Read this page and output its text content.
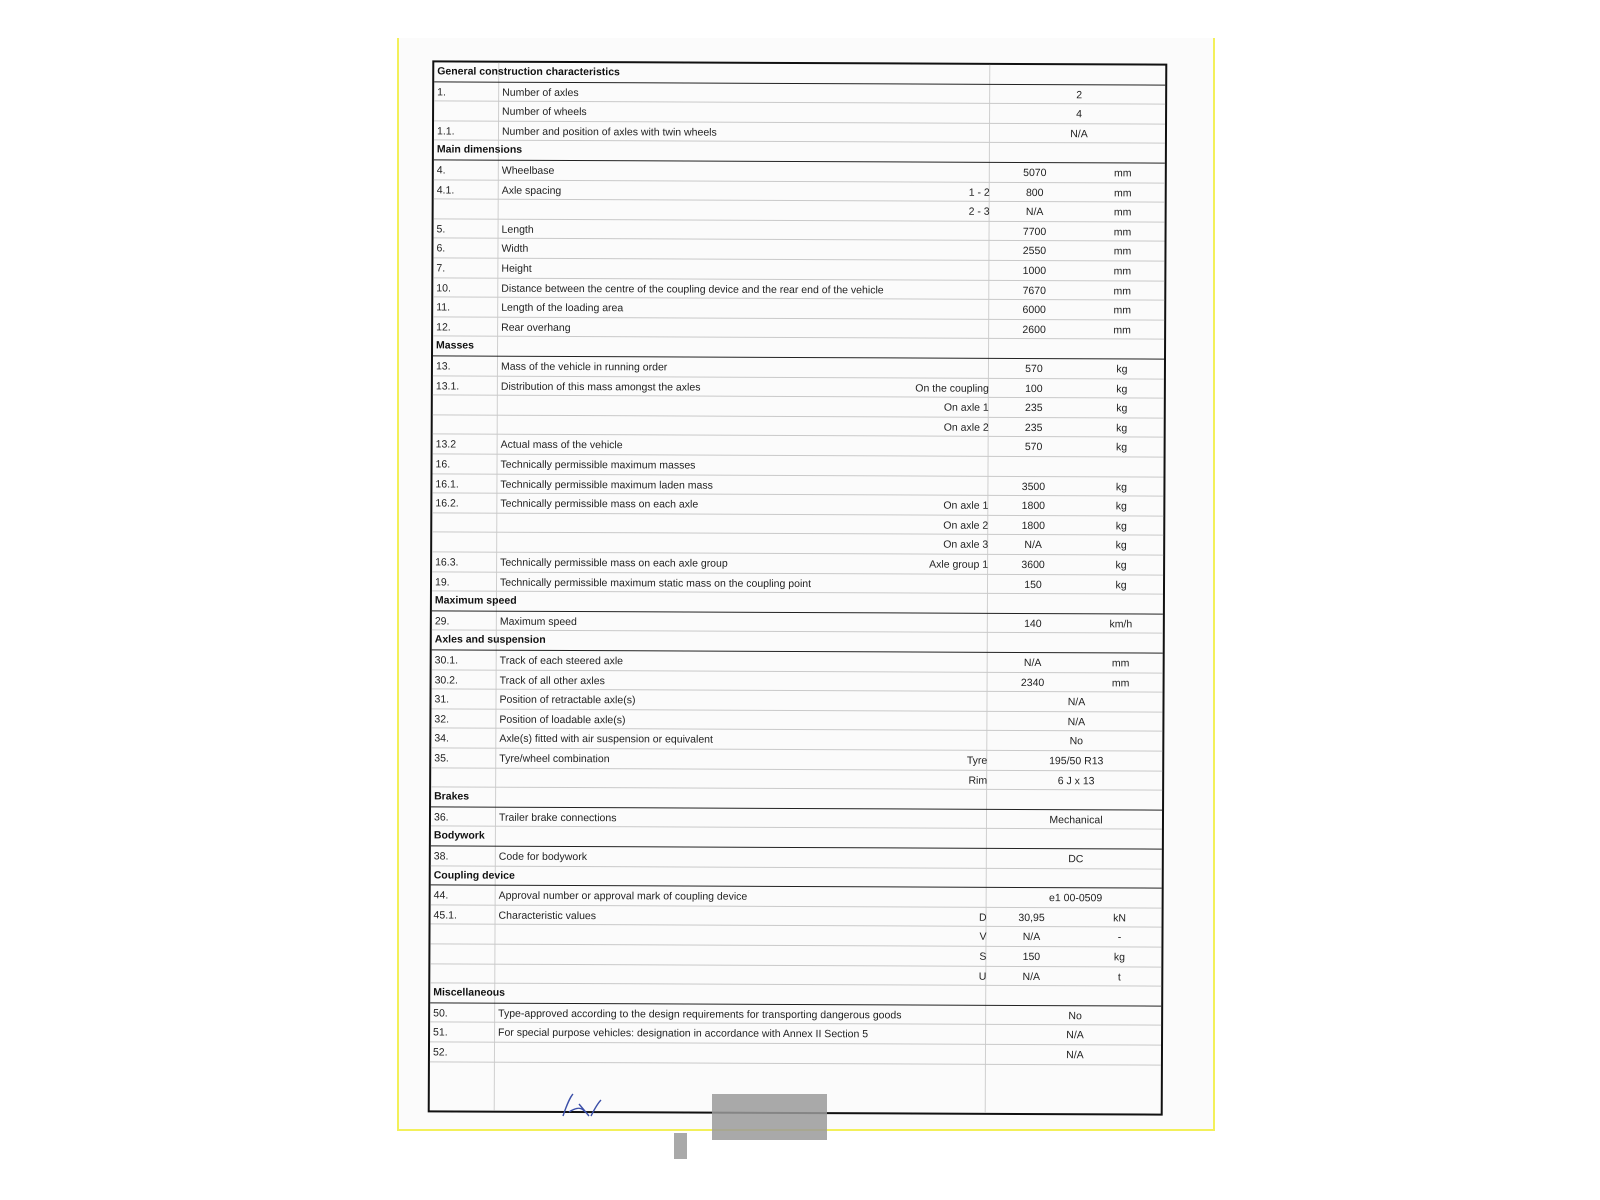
General construction characteristics
1.	Number of axles	2
Number of wheels	4
1.1.	Number and position of axles with twin wheels	N/A
Main dimensions
4.	Wheelbase	5070	mm
4.1.	Axle spacing	1 - 2	800	mm
2 - 3	N/A	mm
5.	Length	7700	mm
6.	Width	2550	mm
7.	Height	1000	mm
10.	Distance between the centre of the coupling device and the rear end of the vehicle	7670	mm
11.	Length of the loading area	6000	mm
12.	Rear overhang	2600	mm
Masses
13.	Mass of the vehicle in running order	570	kg
13.1.	Distribution of this mass amongst the axles	On the coupling	100	kg
On axle 1	235	kg
On axle 2	235	kg
13.2	Actual mass of the vehicle	570	kg
16.	Technically permissible maximum masses
16.1.	Technically permissible maximum laden mass	3500	kg
16.2.	Technically permissible mass on each axle	On axle 1	1800	kg
On axle 2	1800	kg
On axle 3	N/A	kg
16.3.	Technically permissible mass on each axle group	Axle group 1	3600	kg
19.	Technically permissible maximum static mass on the coupling point	150	kg
Maximum speed
29.	Maximum speed	140	km/h
Axles and suspension
30.1.	Track of each steered axle	N/A	mm
30.2.	Track of all other axles	2340	mm
31.	Position of retractable axle(s)	N/A
32.	Position of loadable axle(s)	N/A
34.	Axle(s) fitted with air suspension or equivalent	No
35.	Tyre/wheel combination	Tyre	195/50 R13
Rim	6 J x 13
Brakes
36.	Trailer brake connections	Mechanical
Bodywork
38.	Code for bodywork	DC
Coupling device
44.	Approval number or approval mark of coupling device	e1 00-0509
45.1.	Characteristic values	D	30,95	kN
V	N/A	-
S	150	kg
U	N/A	t
Miscellaneous
50.	Type-approved according to the design requirements for transporting dangerous goods	No
51.	For special purpose vehicles: designation in accordance with Annex II Section 5	N/A
52.	N/A
